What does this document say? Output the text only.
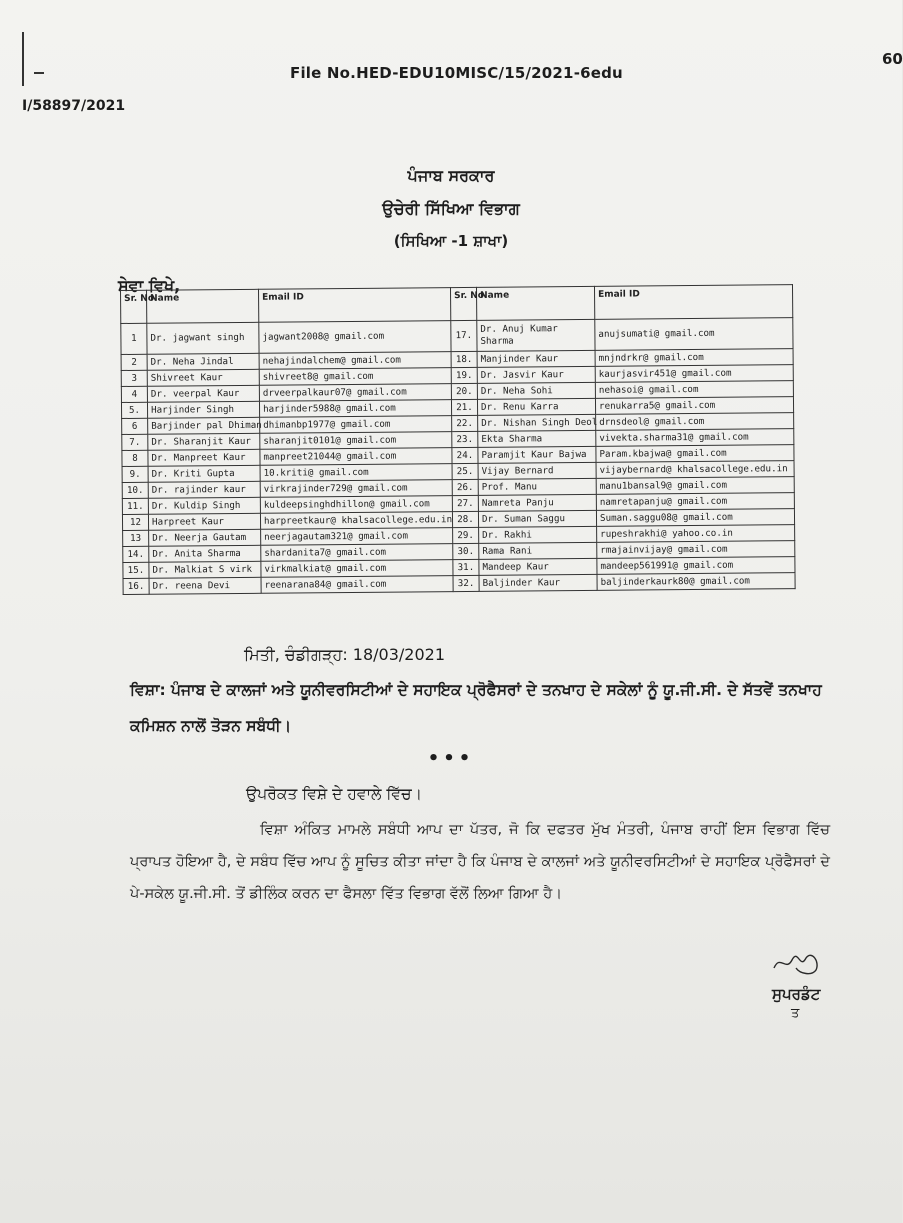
60
File No.HED-EDU10MISC/15/2021-6edu
I/58897/2021
ਪੰਜਾਬ ਸਰਕਾਰ
ਉਚੇਰੀ ਸਿੱਖਿਆ ਵਿਭਾਗ
(ਸਿਖਿਆ -1 ਸ਼ਾਖਾ)
ਸੇਵਾ ਵਿਖੇ,
Sr. No.	Name	Email ID	Sr. No.	Name	Email ID
1	Dr. jagwant singh	jagwant2008@ gmail.com	17.	Dr. Anuj Kumar Sharma	anujsumati@ gmail.com
2	Dr. Neha Jindal	nehajindalchem@ gmail.com	18.	Manjinder Kaur	mnjndrkr@ gmail.com
3	Shivreet Kaur	shivreet8@ gmail.com	19.	Dr. Jasvir Kaur	kaurjasvir451@ gmail.com
4	Dr. veerpal Kaur	drveerpalkaur07@ gmail.com	20.	Dr. Neha Sohi	nehasoi@ gmail.com
5.	Harjinder Singh	harjinder5988@ gmail.com	21.	Dr. Renu Karra	renukarra5@ gmail.com
6	Barjinder pal Dhiman	dhimanbp1977@ gmail.com	22.	Dr. Nishan Singh Deol	drnsdeol@ gmail.com
7.	Dr. Sharanjit Kaur	sharanjit0101@ gmail.com	23.	Ekta Sharma	vivekta.sharma31@ gmail.com
8	Dr. Manpreet Kaur	manpreet21044@ gmail.com	24.	Paramjit Kaur Bajwa	Param.kbajwa@ gmail.com
9.	Dr. Kriti Gupta	10.kriti@ gmail.com	25.	Vijay Bernard	vijaybernard@ khalsacollege.edu.in
10.	Dr. rajinder kaur	virkrajinder729@ gmail.com	26.	Prof. Manu	manu1bansal9@ gmail.com
11.	Dr. Kuldip Singh	kuldeepsinghdhillon@ gmail.com	27.	Namreta Panju	namretapanju@ gmail.com
12	Harpreet Kaur	harpreetkaur@ khalsacollege.edu.in	28.	Dr. Suman Saggu	Suman.saggu08@ gmail.com
13	Dr. Neerja Gautam	neerjagautam321@ gmail.com	29.	Dr. Rakhi	rupeshrakhi@ yahoo.co.in
14.	Dr. Anita Sharma	shardanita7@ gmail.com	30.	Rama Rani	rmajainvijay@ gmail.com
15.	Dr. Malkiat S virk	virkmalkiat@ gmail.com	31.	Mandeep Kaur	mandeep561991@ gmail.com
16.	Dr. reena Devi	reenarana84@ gmail.com	32.	Baljinder Kaur	baljinderkaurk80@ gmail.com
ਮਿਤੀ, ਚੰਡੀਗੜ੍ਹ: 18/03/2021
ਵਿਸ਼ਾ: ਪੰਜਾਬ ਦੇ ਕਾਲਜਾਂ ਅਤੇ ਯੂਨੀਵਰਸਿਟੀਆਂ ਦੇ ਸਹਾਇਕ ਪ੍ਰੋਫੈਸਰਾਂ ਦੇ ਤਨਖਾਹ ਦੇ ਸਕੇਲਾਂ ਨੂੰ ਯੂ.ਜੀ.ਸੀ. ਦੇ ਸੱਤਵੇਂ ਤਨਖਾਹ ਕਮਿਸ਼ਨ ਨਾਲੋਂ ਤੋੜਨ ਸਬੰਧੀ।
•••
ਉਪਰੋਕਤ ਵਿਸ਼ੇ ਦੇ ਹਵਾਲੇ ਵਿੱਚ।
ਵਿਸ਼ਾ ਅੰਕਿਤ ਮਾਮਲੇ ਸਬੰਧੀ ਆਪ ਦਾ ਪੱਤਰ, ਜੋ ਕਿ ਦਫਤਰ ਮੁੱਖ ਮੰਤਰੀ, ਪੰਜਾਬ ਰਾਹੀਂ ਇਸ ਵਿਭਾਗ ਵਿੱਚ ਪ੍ਰਾਪਤ ਹੋਇਆ ਹੈ, ਦੇ ਸਬੰਧ ਵਿੱਚ ਆਪ ਨੂੰ ਸੂਚਿਤ ਕੀਤਾ ਜਾਂਦਾ ਹੈ ਕਿ ਪੰਜਾਬ ਦੇ ਕਾਲਜਾਂ ਅਤੇ ਯੂਨੀਵਰਸਿਟੀਆਂ ਦੇ ਸਹਾਇਕ ਪ੍ਰੋਫੈਸਰਾਂ ਦੇ ਪੇ-ਸਕੇਲ ਯੂ.ਜੀ.ਸੀ. ਤੋਂ ਡੀਲਿੰਕ ਕਰਨ ਦਾ ਫੈਸਲਾ ਵਿੱਤ ਵਿਭਾਗ ਵੱਲੋਂ ਲਿਆ ਗਿਆ ਹੈ।
ਸੁਪਰਡੰਟ
ਤ
